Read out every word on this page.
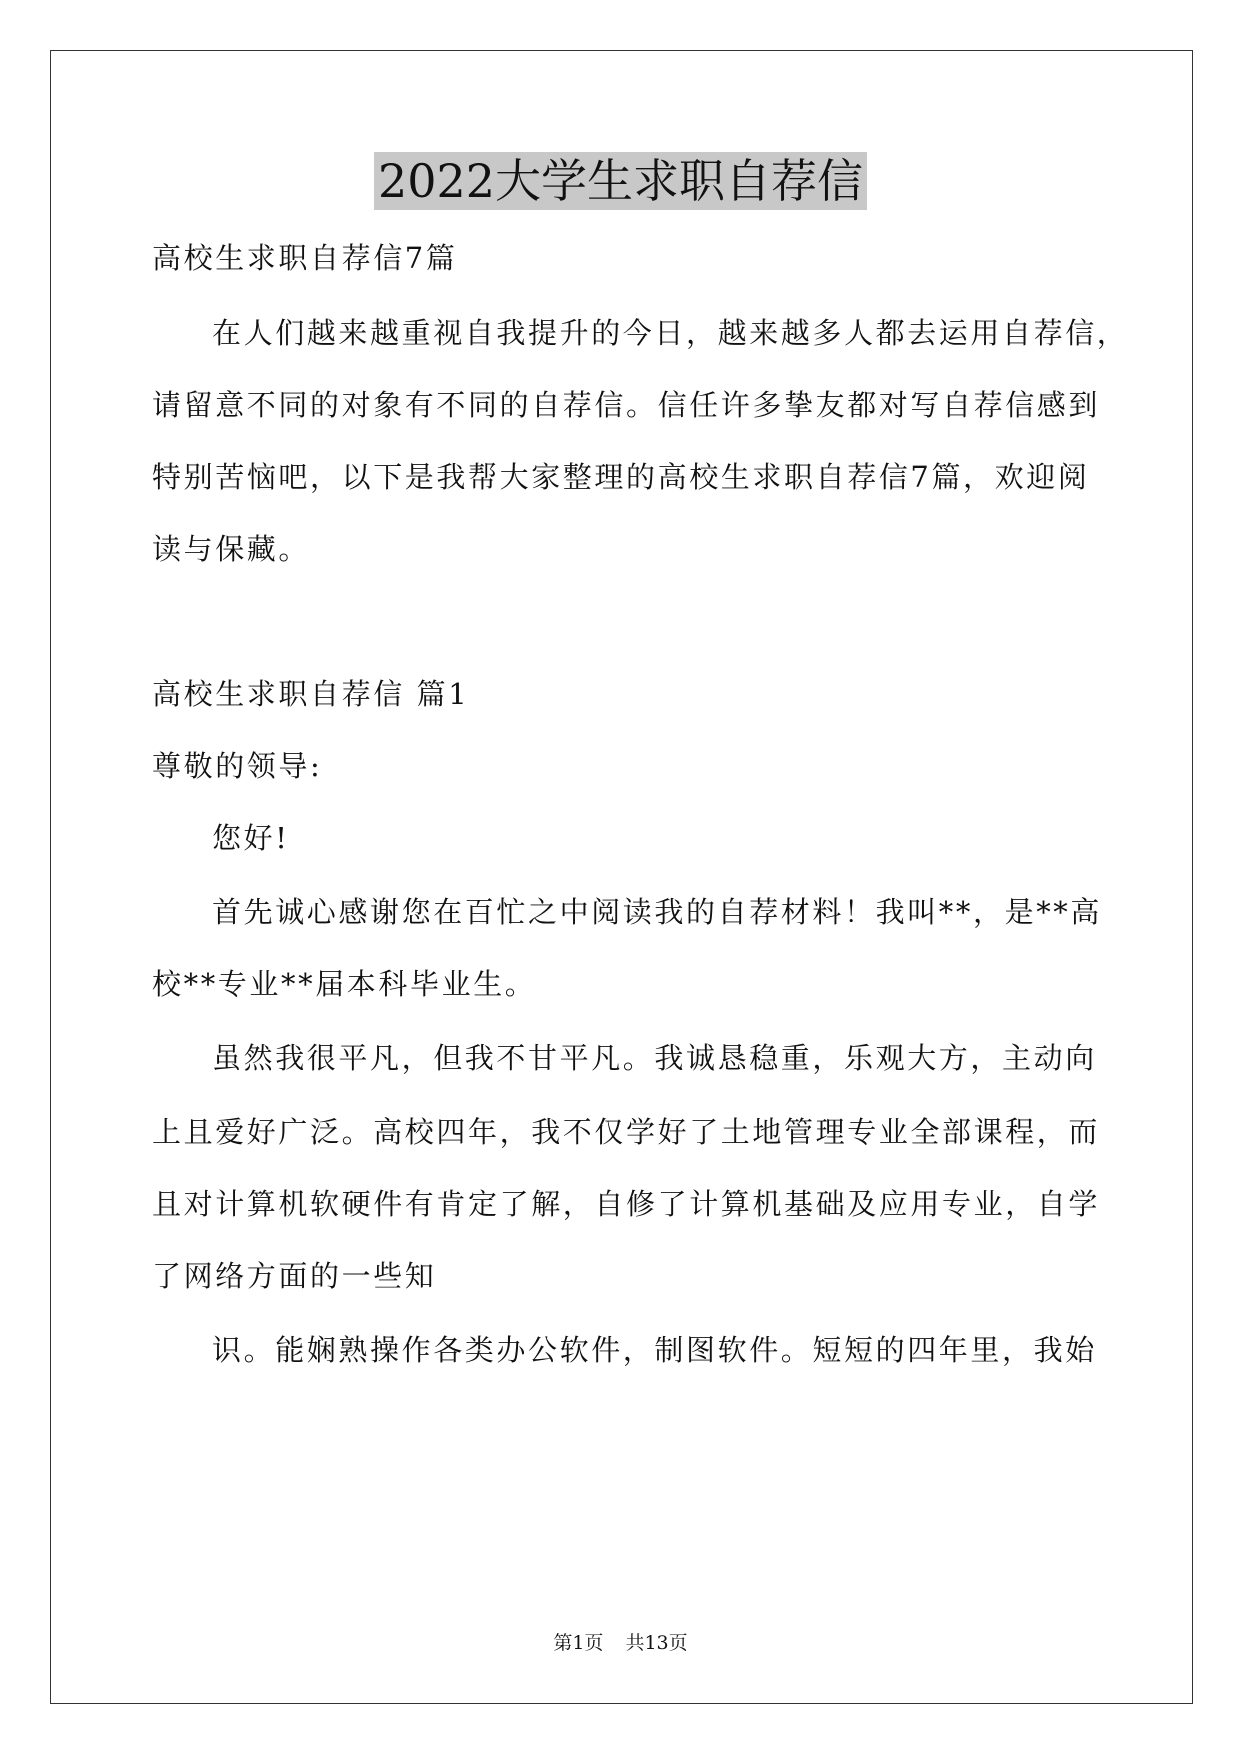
2022大学生求职自荐信
高校生求职自荐信7篇
在人们越来越重视自我提升的今日，越来越多人都去运用自荐信，
请留意不同的对象有不同的自荐信。信任许多挚友都对写自荐信感到
特别苦恼吧，以下是我帮大家整理的高校生求职自荐信7篇，欢迎阅
读与保藏。
高校生求职自荐信 篇1
尊敬的领导:
您好!
首先诚心感谢您在百忙之中阅读我的自荐材料！我叫**，是**高
校**专业**届本科毕业生。
虽然我很平凡，但我不甘平凡。我诚恳稳重，乐观大方，主动向
上且爱好广泛。高校四年，我不仅学好了土地管理专业全部课程，而
且对计算机软硬件有肯定了解，自修了计算机基础及应用专业，自学
了网络方面的一些知
识。能娴熟操作各类办公软件，制图软件。短短的四年里，我始
第1页 共13页
